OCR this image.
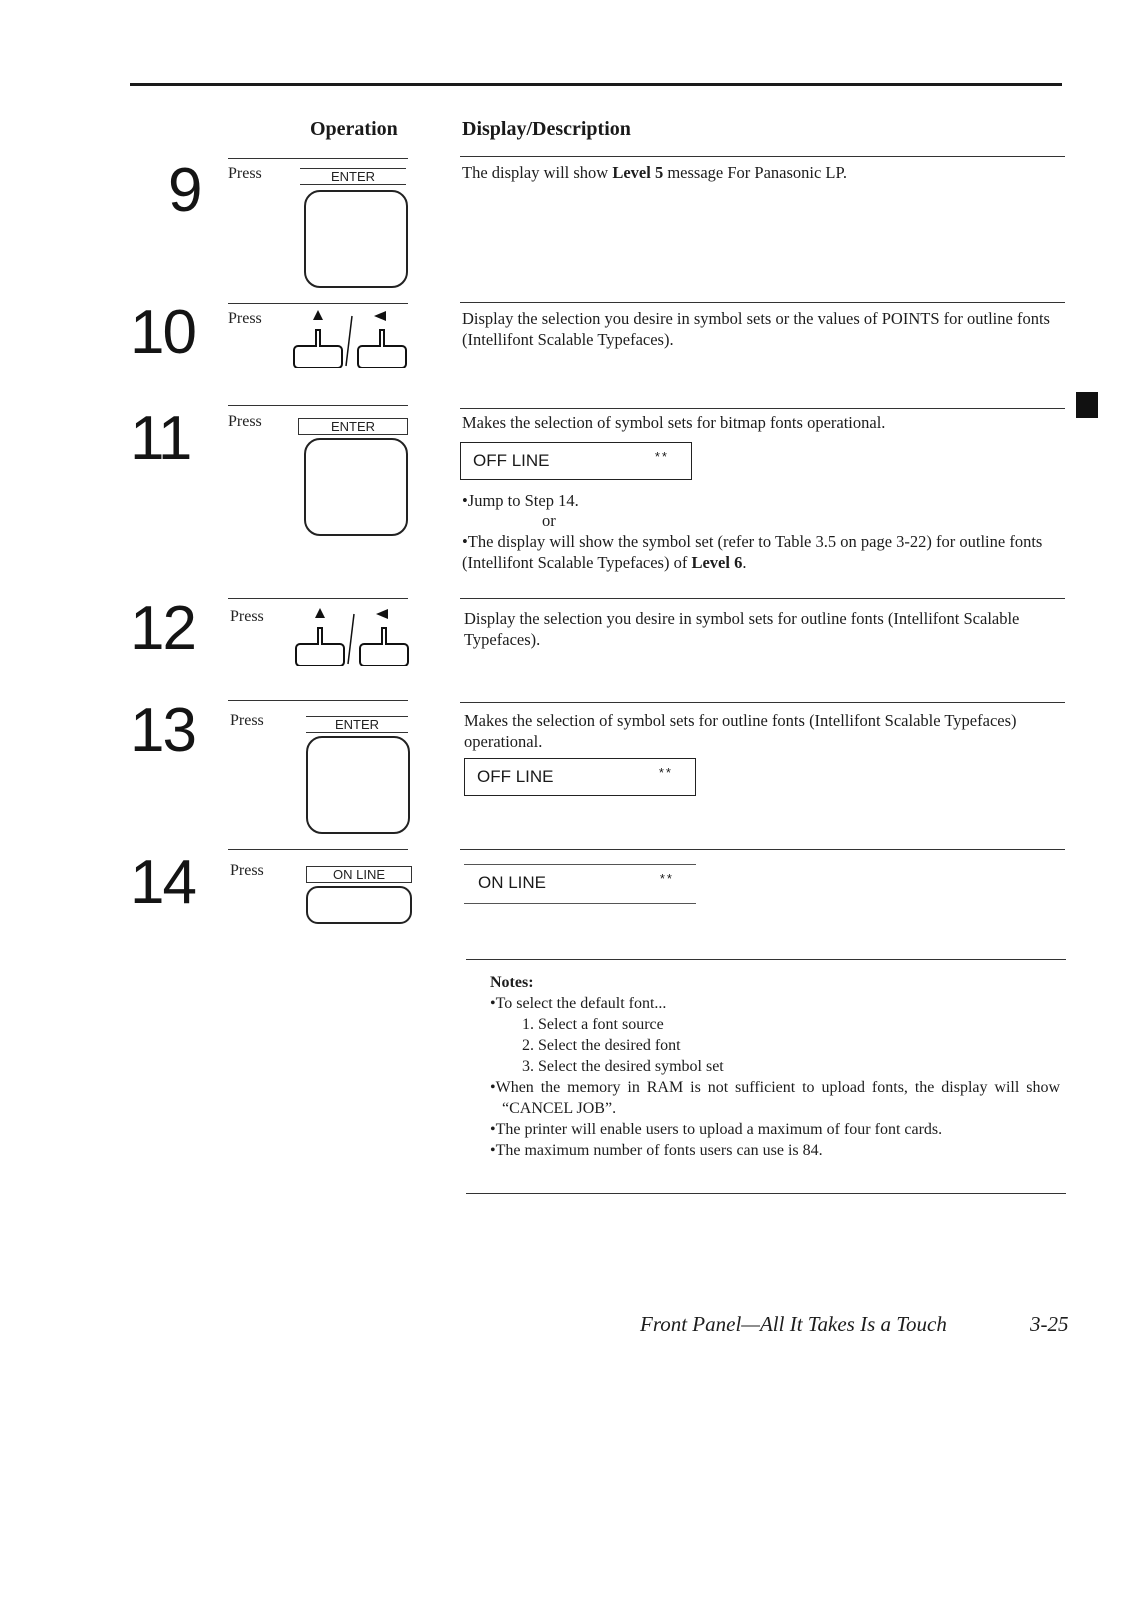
Operation	Display/Description
9 Press	ENTER	The display will show Level 5 message For Panasonic LP.
10 Press	Display the selection you desire in symbol sets or the values of POINTS for outline fonts (Intellifont Scalable Typefaces).
11 Press	ENTER	Makes the selection of symbol sets for bitmap fonts operational.
OFF LINE	**
•Jump to Step 14.
or
•The display will show the symbol set (refer to Table 3.5 on page 3-22) for outline fonts (Intellifont Scalable Typefaces) of Level 6.
12 Press	Display the selection you desire in symbol sets for outline fonts (Intellifont Scalable Typefaces).
13 Press	ENTER	Makes the selection of symbol sets for outline fonts (Intellifont Scalable Typefaces) operational.
OFF LINE	**
14 Press	ON LINE	ON LINE	**
Notes:
•To select the default font...
1. Select a font source
2. Select the desired font
3. Select the desired symbol set
•When the memory in RAM is not sufficient to upload fonts, the display will show “CANCEL JOB”.
•The printer will enable users to upload a maximum of four font cards.
•The maximum number of fonts users can use is 84.
Front Panel—All It Takes Is a Touch	3-25
